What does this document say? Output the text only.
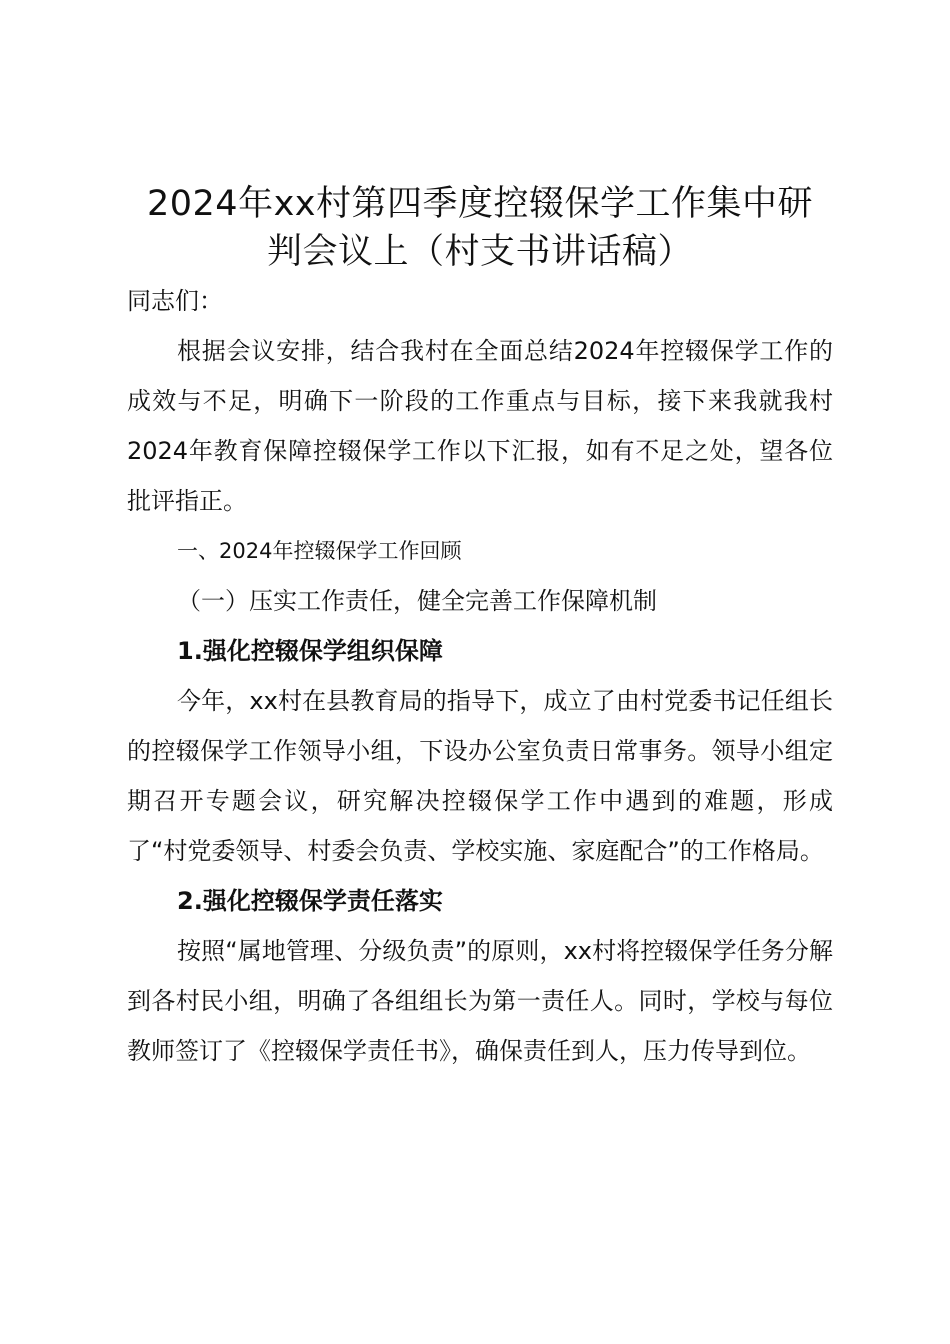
2024年xx村第四季度控辍保学工作集中研
判会议上（村支书讲话稿）

同志们：

根据会议安排，结合我村在全面总结2024年控辍保学工作的成效与不足，明确下一阶段的工作重点与目标，接下来我就我村2024年教育保障控辍保学工作以下汇报，如有不足之处，望各位批评指正。

一、2024年控辍保学工作回顾

（一）压实工作责任，健全完善工作保障机制

1.强化控辍保学组织保障

今年，xx村在县教育局的指导下，成立了由村党委书记任组长的控辍保学工作领导小组，下设办公室负责日常事务。领导小组定期召开专题会议，研究解决控辍保学工作中遇到的难题，形成了“村党委领导、村委会负责、学校实施、家庭配合”的工作格局。

2.强化控辍保学责任落实

按照“属地管理、分级负责”的原则，xx村将控辍保学任务分解到各村民小组，明确了各组组长为第一责任人。同时，学校与每位教师签订了《控辍保学责任书》，确保责任到人，压力传导到位。
